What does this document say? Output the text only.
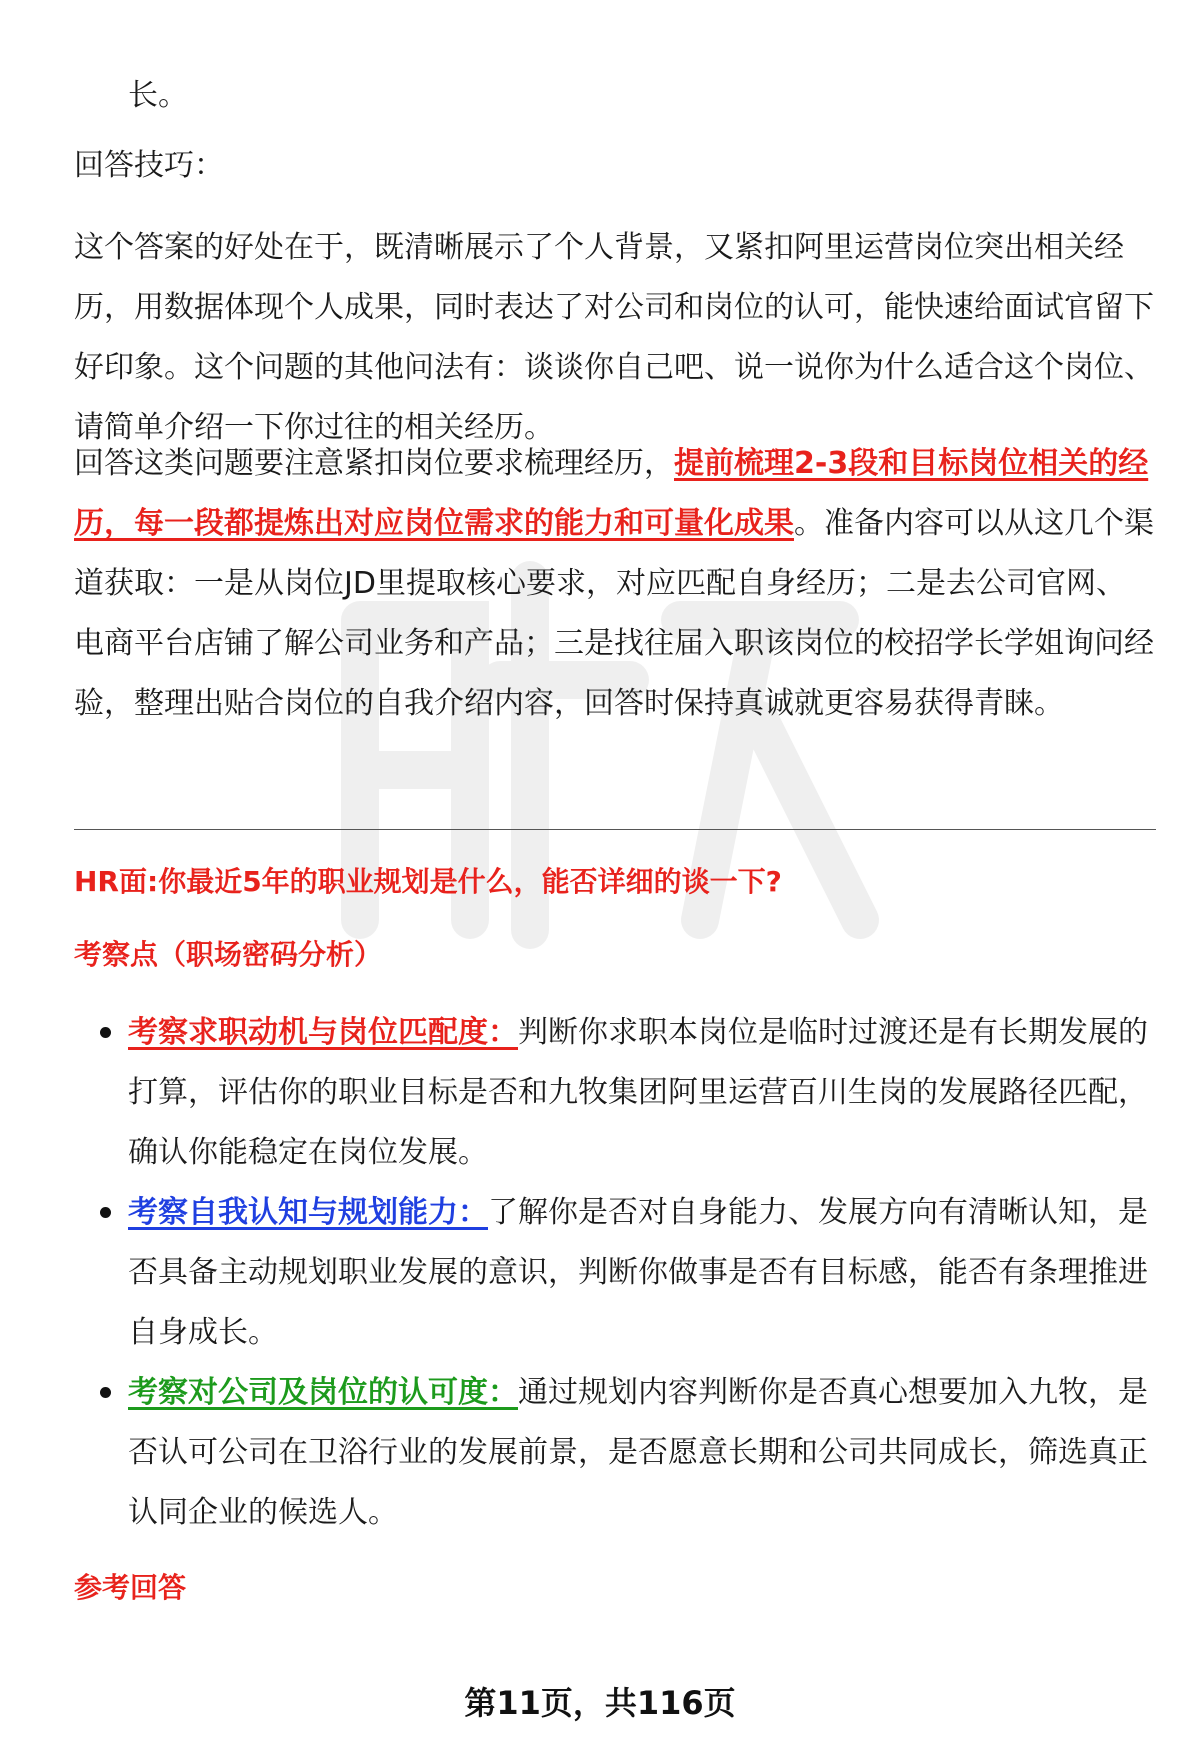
长。
回答技巧：
这个答案的好处在于，既清晰展示了个人背景，又紧扣阿里运营岗位突出相关经历，用数据体现个人成果，同时表达了对公司和岗位的认可，能快速给面试官留下好印象。这个问题的其他问法有：谈谈你自己吧、说一说你为什么适合这个岗位、请简单介绍一下你过往的相关经历。
回答这类问题要注意紧扣岗位要求梳理经历，提前梳理2-3段和目标岗位相关的经历，每一段都提炼出对应岗位需求的能力和可量化成果。准备内容可以从这几个渠道获取：一是从岗位JD里提取核心要求，对应匹配自身经历；二是去公司官网、电商平台店铺了解公司业务和产品；三是找往届入职该岗位的校招学长学姐询问经验，整理出贴合岗位的自我介绍内容，回答时保持真诚就更容易获得青睐。
HR面:你最近5年的职业规划是什么，能否详细的谈一下?
考察点（职场密码分析）
考察求职动机与岗位匹配度：判断你求职本岗位是临时过渡还是有长期发展的打算，评估你的职业目标是否和九牧集团阿里运营百川生岗的发展路径匹配，确认你能稳定在岗位发展。
考察自我认知与规划能力：了解你是否对自身能力、发展方向有清晰认知，是否具备主动规划职业发展的意识，判断你做事是否有目标感，能否有条理推进自身成长。
考察对公司及岗位的认可度：通过规划内容判断你是否真心想要加入九牧，是否认可公司在卫浴行业的发展前景，是否愿意长期和公司共同成长，筛选真正认同企业的候选人。
参考回答
第11页，共116页
